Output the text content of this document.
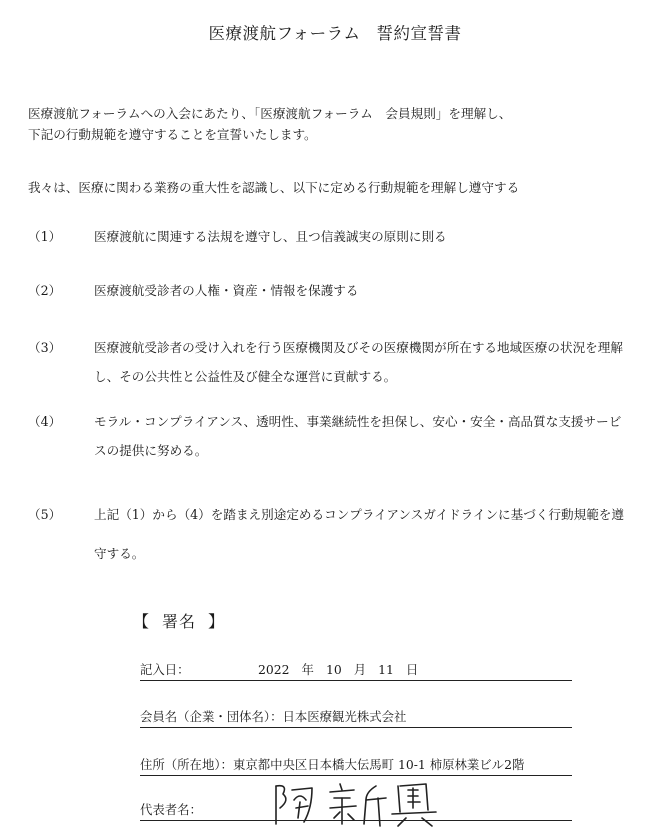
医療渡航フォーラム 誓約宣誓書
医療渡航フォーラムへの入会にあたり、「医療渡航フォーラム　会員規則」を理解し、
下記の行動規範を遵守することを宣誓いたします。
我々は、医療に関わる業務の重大性を認識し、以下に定める行動規範を理解し遵守する
（1）	医療渡航に関連する法規を遵守し、且つ信義誠実の原則に則る
（2）	医療渡航受診者の人権・資産・情報を保護する
（3）	医療渡航受診者の受け入れを行う医療機関及びその医療機関が所在する地域医療の状況を理解し、その公共性と公益性及び健全な運営に貢献する。
（4）	モラル・コンプライアンス、透明性、事業継続性を担保し、安心・安全・高品質な支援サービスの提供に努める。
（5）	上記（1）から（4）を踏まえ別途定めるコンプライアンスガイドラインに基づく行動規範を遵守する。
【 署名 】
記入日：	2022 年 10 月 11 日
会員名（企業・団体名）：日本医療観光株式会社
住所（所在地）：東京都中央区日本橋大伝馬町 10-1 柿原林業ビル2階
代表者名：
